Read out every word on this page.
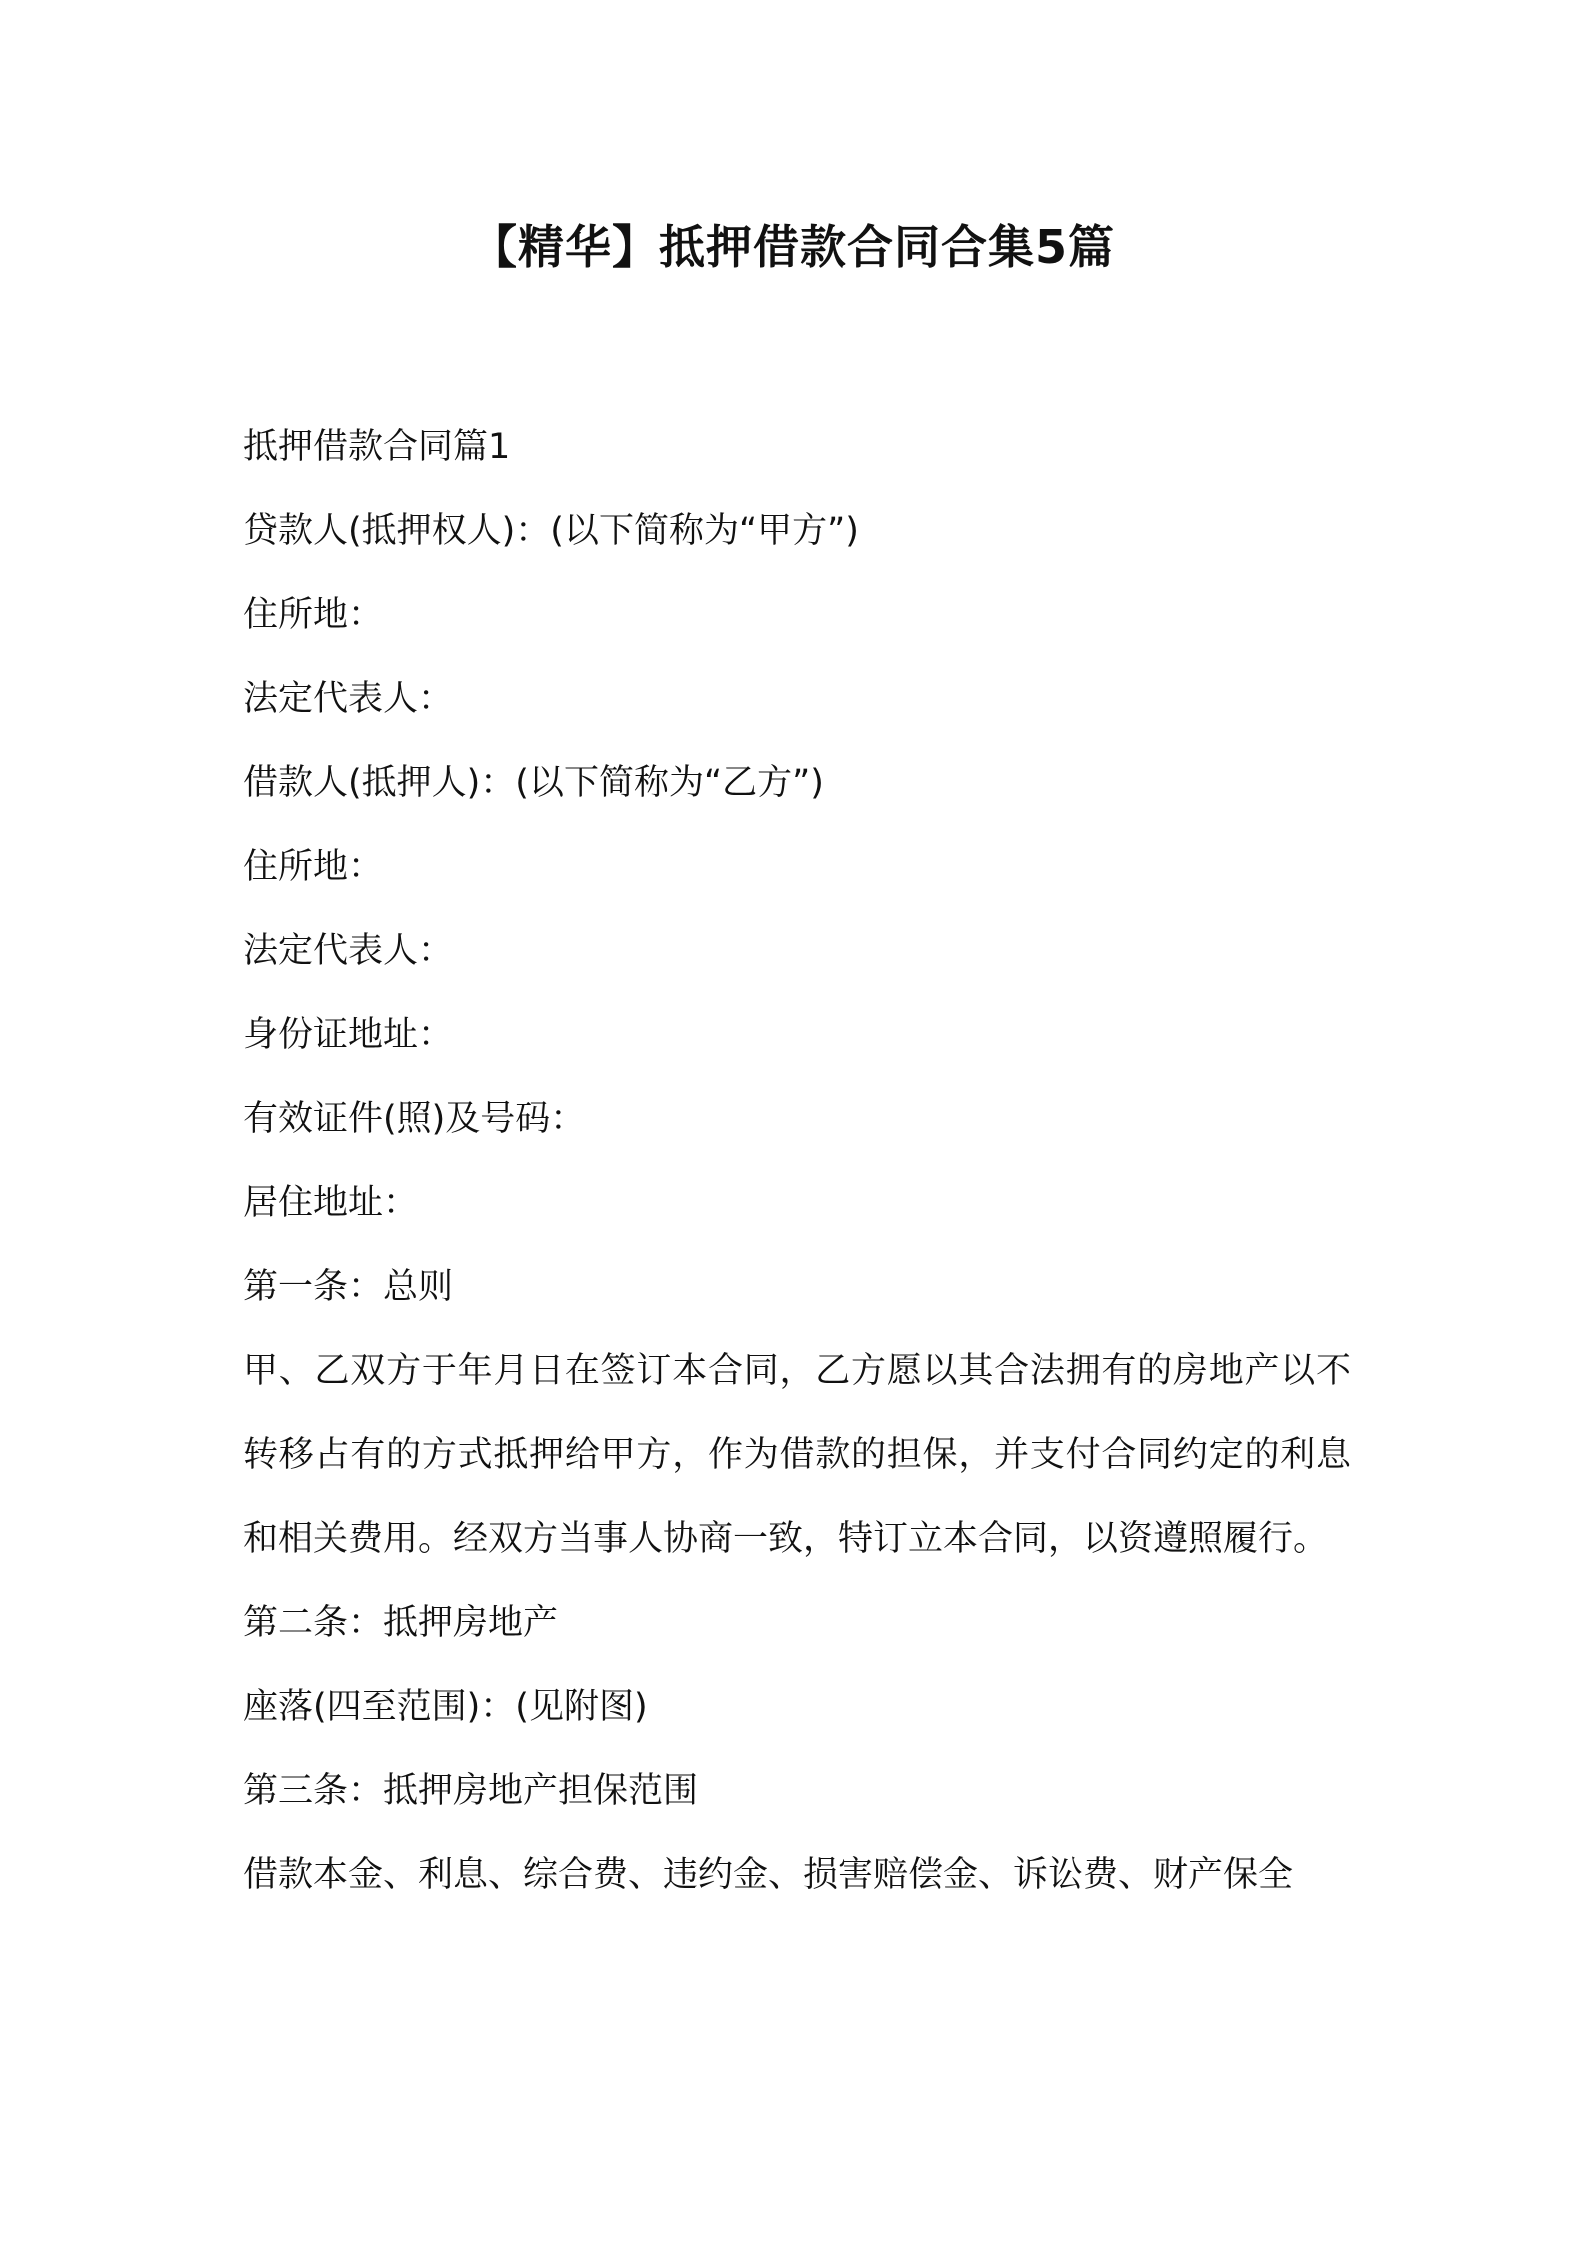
【精华】抵押借款合同合集5篇

抵押借款合同篇1

贷款人(抵押权人)：(以下简称为“甲方”)

住所地：

法定代表人：

借款人(抵押人)：(以下简称为“乙方”)

住所地：

法定代表人：

身份证地址：

有效证件(照)及号码：

居住地址：

第一条：总则

甲、乙双方于年月日在签订本合同，乙方愿以其合法拥有的房地产以不转移占有的方式抵押给甲方，作为借款的担保，并支付合同约定的利息和相关费用。经双方当事人协商一致，特订立本合同，以资遵照履行。

第二条：抵押房地产

座落(四至范围)：(见附图)

第三条：抵押房地产担保范围

借款本金、利息、综合费、违约金、损害赔偿金、诉讼费、财产保全
